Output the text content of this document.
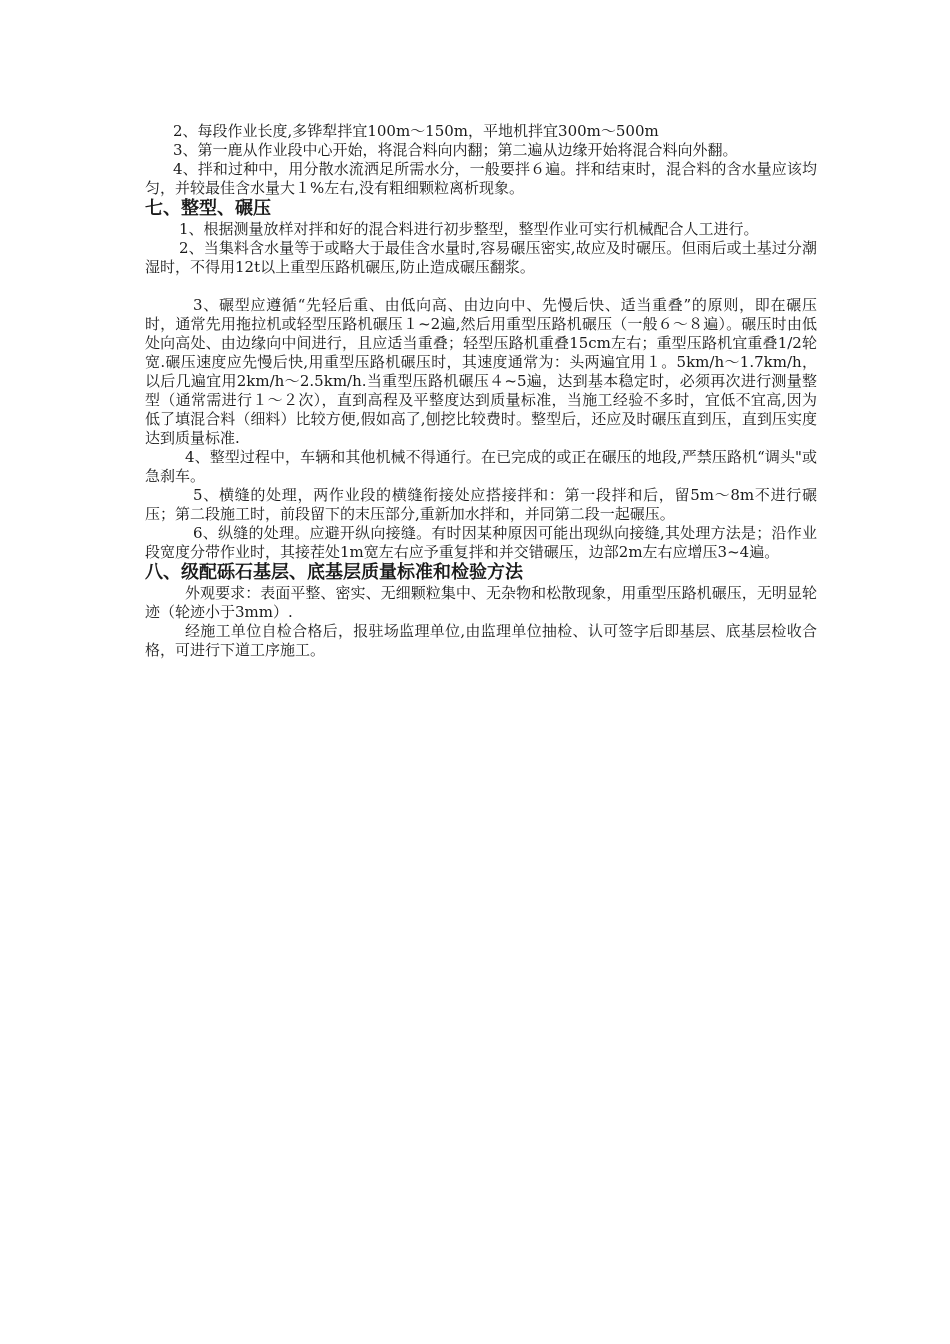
2、每段作业长度,多铧犁拌宜100m～150m，平地机拌宜300m～500m

3、第一鹿从作业段中心开始，将混合料向内翻；第二遍从边缘开始将混合料向外翻。

4、拌和过种中，用分散水流洒足所需水分，一般要拌６遍。拌和结束时，混合料的含水量应该均匀，并较最佳含水量大１%左右,没有粗细颗粒离析现象。

七、整型、碾压

1、根据测量放样对拌和好的混合料进行初步整型，整型作业可实行机械配合人工进行。

2、当集料含水量等于或略大于最佳含水量时,容易碾压密实,故应及时碾压。但雨后或土基过分潮湿时，不得用12t以上重型压路机碾压,防止造成碾压翻浆。

3、碾型应遵循“先轻后重、由低向高、由边向中、先慢后快、适当重叠”的原则，即在碾压时，通常先用拖拉机或轻型压路机碾压１~2遍,然后用重型压路机碾压（一般６～８遍）。碾压时由低处向高处、由边缘向中间进行，且应适当重叠；轻型压路机重叠15cm左右；重型压路机宜重叠1/2轮宽.碾压速度应先慢后快,用重型压路机碾压时，其速度通常为：头两遍宜用１。5km/h～1.7km/h，以后几遍宜用2km/h～2.5km/h.当重型压路机碾压４~5遍，达到基本稳定时，必须再次进行测量整型（通常需进行１～２次），直到高程及平整度达到质量标准，当施工经验不多时，宜低不宜高,因为低了填混合料（细料）比较方便,假如高了,刨挖比较费时。整型后，还应及时碾压直到压，直到压实度达到质量标准.

4、整型过程中，车辆和其他机械不得通行。在已完成的或正在碾压的地段,严禁压路机“调头"或急刹车。

5、横缝的处理，两作业段的横缝衔接处应搭接拌和：第一段拌和后，留5m～8m不进行碾压；第二段施工时，前段留下的末压部分,重新加水拌和，并同第二段一起碾压。

6、纵缝的处理。应避开纵向接缝。有时因某种原因可能出现纵向接缝,其处理方法是；沿作业段宽度分带作业时，其接茬处1m宽左右应予重复拌和并交错碾压，边部2m左右应增压3~4遍。

八、级配砾石基层、底基层质量标准和检验方法

外观要求：表面平整、密实、无细颗粒集中、无杂物和松散现象，用重型压路机碾压，无明显轮迹（轮迹小于3mm）.

经施工单位自检合格后，报驻场监理单位,由监理单位抽检、认可签字后即基层、底基层检收合格，可进行下道工序施工。
